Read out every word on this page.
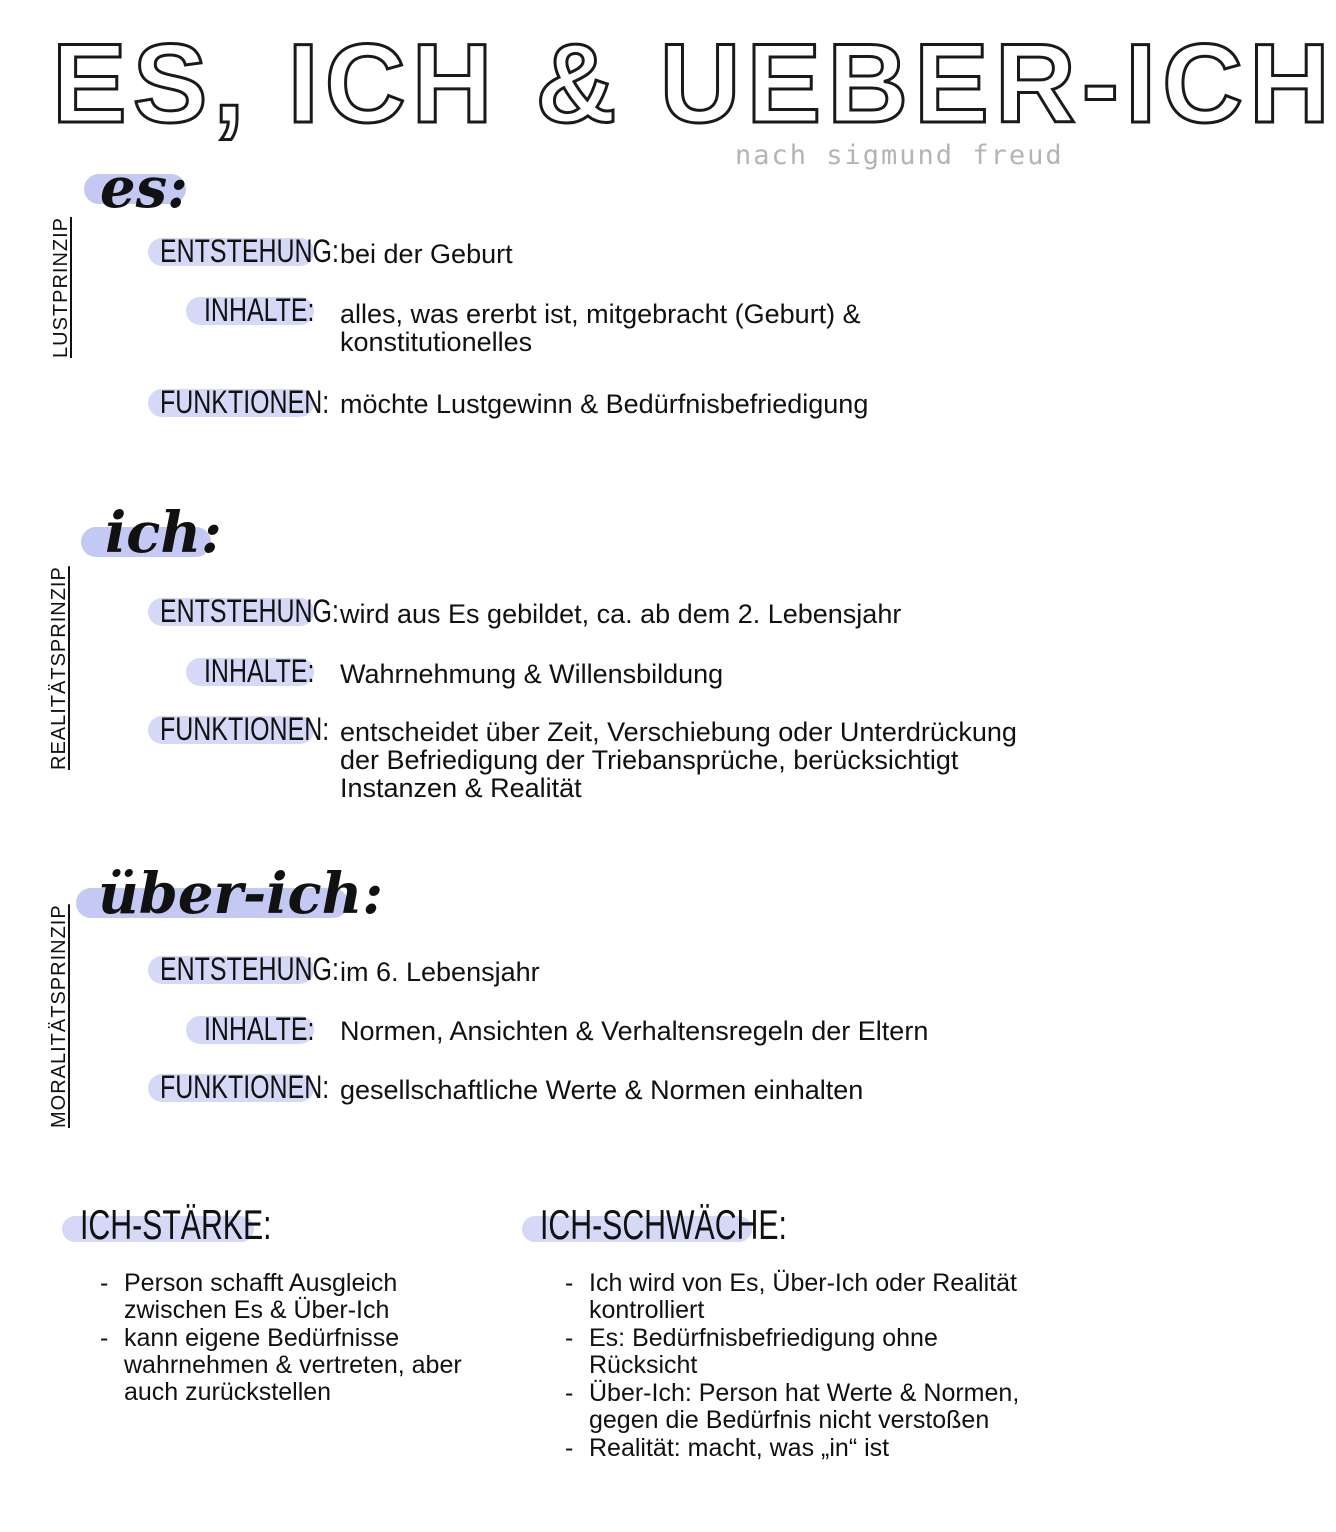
ES, ICH & UEBER-ICH
nach sigmund freud
es:
LUSTPRINZIP	ENTSTEHUNG: bei der Geburt
INHALTE: alles, was ererbt ist, mitgebracht (Geburt) & konstitutionelles
FUNKTIONEN: möchte Lustgewinn & Bedürfnisbefriedigung
ich:
REALITÄTSPRINZIP	ENTSTEHUNG: wird aus Es gebildet, ca. ab dem 2. Lebensjahr
INHALTE: Wahrnehmung & Willensbildung
FUNKTIONEN: entscheidet über Zeit, Verschiebung oder Unterdrückung der Befriedigung der Triebansprüche, berücksichtigt Instanzen & Realität
über-ich:
MORALITÄTSPRINZIP	ENTSTEHUNG: im 6. Lebensjahr
INHALTE: Normen, Ansichten & Verhaltensregeln der Eltern
FUNKTIONEN: gesellschaftliche Werte & Normen einhalten
ICH-STÄRKE:
- Person schafft Ausgleich zwischen Es & Über-Ich
- kann eigene Bedürfnisse wahrnehmen & vertreten, aber auch zurückstellen
ICH-SCHWÄCHE:
- Ich wird von Es, Über-Ich oder Realität kontrolliert
- Es: Bedürfnisbefriedigung ohne Rücksicht
- Über-Ich: Person hat Werte & Normen, gegen die Bedürfnis nicht verstoßen
- Realität: macht, was „in“ ist
